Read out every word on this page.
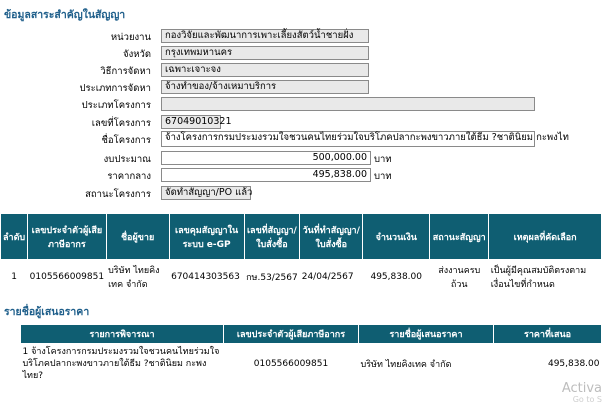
ข้อมูลสาระสำคัญในสัญญา
หน่วยงาน	กองวิจัยและพัฒนาการเพาะเลี้ยงสัตว์น้ำชายฝั่ง
จังหวัด	กรุงเทพมหานคร
วิธีการจัดหา	เฉพาะเจาะจง
ประเภทการจัดหา	จ้างทำของ/จ้างเหมาบริการ
ประเภทโครงการ
เลขที่โครงการ	67049010321
ชื่อโครงการ	จ้างโครงการกรมประมงรวมใจชวนคนไทยร่วมใจบริโภคปลากะพงขาวภายใต้ธีม ?ชาตินิยม กะพงไท
งบประมาณ	500,000.00 บาท
ราคากลาง	495,838.00 บาท
สถานะโครงการ	จัดทำสัญญา/PO แล้ว
ลำดับ	เลขประจำตัวผู้เสียภาษีอากร	ชื่อผู้ขาย	เลขคุมสัญญาในระบบ e-GP	เลขที่สัญญา/ใบสั่งซื้อ	วันที่ทำสัญญา/ใบสั่งซื้อ	จำนวนเงิน	สถานะสัญญา	เหตุผลที่คัดเลือก
1	0105566009851	บริษัท ไทยคิงเทค จำกัด	670414303563	กษ.53/2567	24/04/2567	495,838.00	ส่งงานครบถ้วน	เป็นผู้มีคุณสมบัติตรงตามเงื่อนไขที่กำหนด
รายชื่อผู้เสนอราคา
รายการพิจารณา	เลขประจำตัวผู้เสียภาษีอากร	รายชื่อผู้เสนอราคา	ราคาที่เสนอ
1 จ้างโครงการกรมประมงรวมใจชวนคนไทยร่วมใจบริโภคปลากะพงขาวภายใต้ธีม ?ชาตินิยม กะพงไทย?	0105566009851	บริษัท ไทยคิงเทค จำกัด	495,838.00
Activa
Go to S
